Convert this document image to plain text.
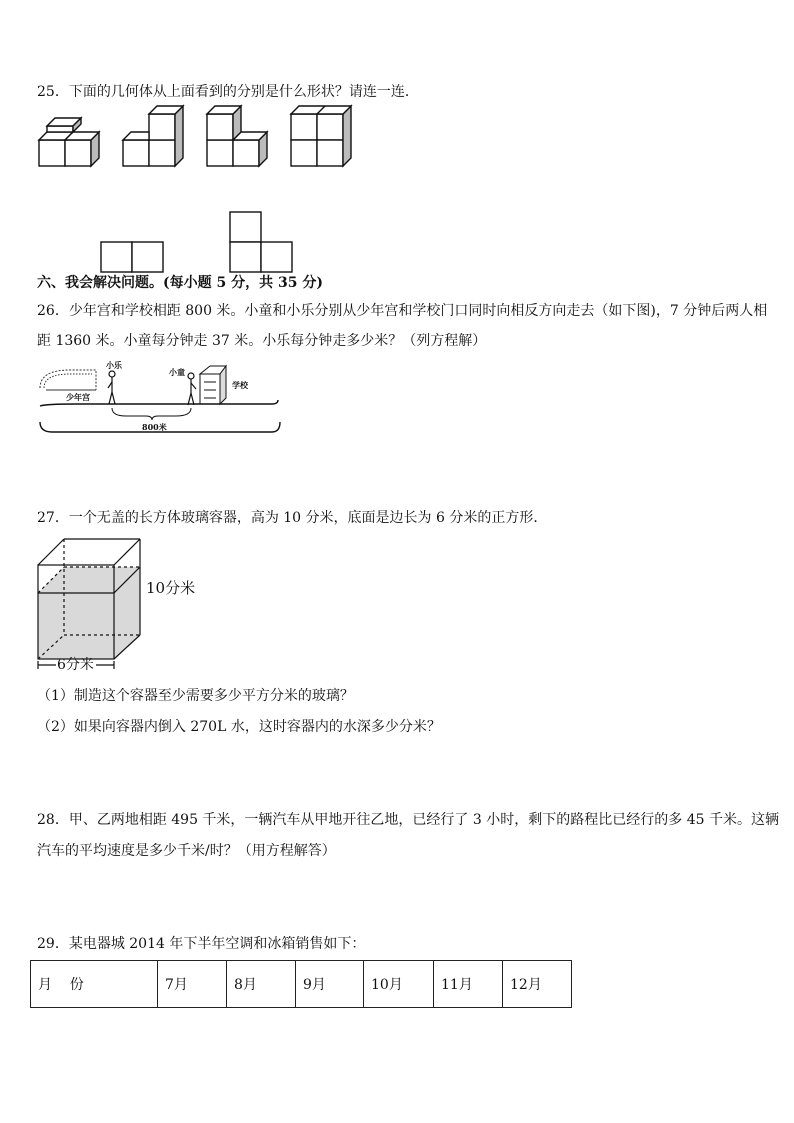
25．下面的几何体从上面看到的分别是什么形状？请连一连．
六、我会解决问题。(每小题 5 分，共 35 分)
26．少年宫和学校相距 800 米。小童和小乐分别从少年宫和学校门口同时向相反方向走去（如下图)，7 分钟后两人相
距 1360 米。小童每分钟走 37 米。小乐每分钟走多少米？（列方程解）
少年宫
小乐
小童
学校
800米
27．一个无盖的长方体玻璃容器，高为 10 分米，底面是边长为 6 分米的正方形．
10分米
6分米
（1）制造这个容器至少需要多少平方分米的玻璃？
（2）如果向容器内倒入 270L 水，这时容器内的水深多少分米？
28．甲、乙两地相距 495 千米，一辆汽车从甲地开往乙地，已经行了 3 小时，剩下的路程比已经行的多 45 千米。这辆
汽车的平均速度是多少千米/时？（用方程解答）
29．某电器城 2014 年下半年空调和冰箱销售如下：
月    份	7月	8月	9月	10月	11月	12月
